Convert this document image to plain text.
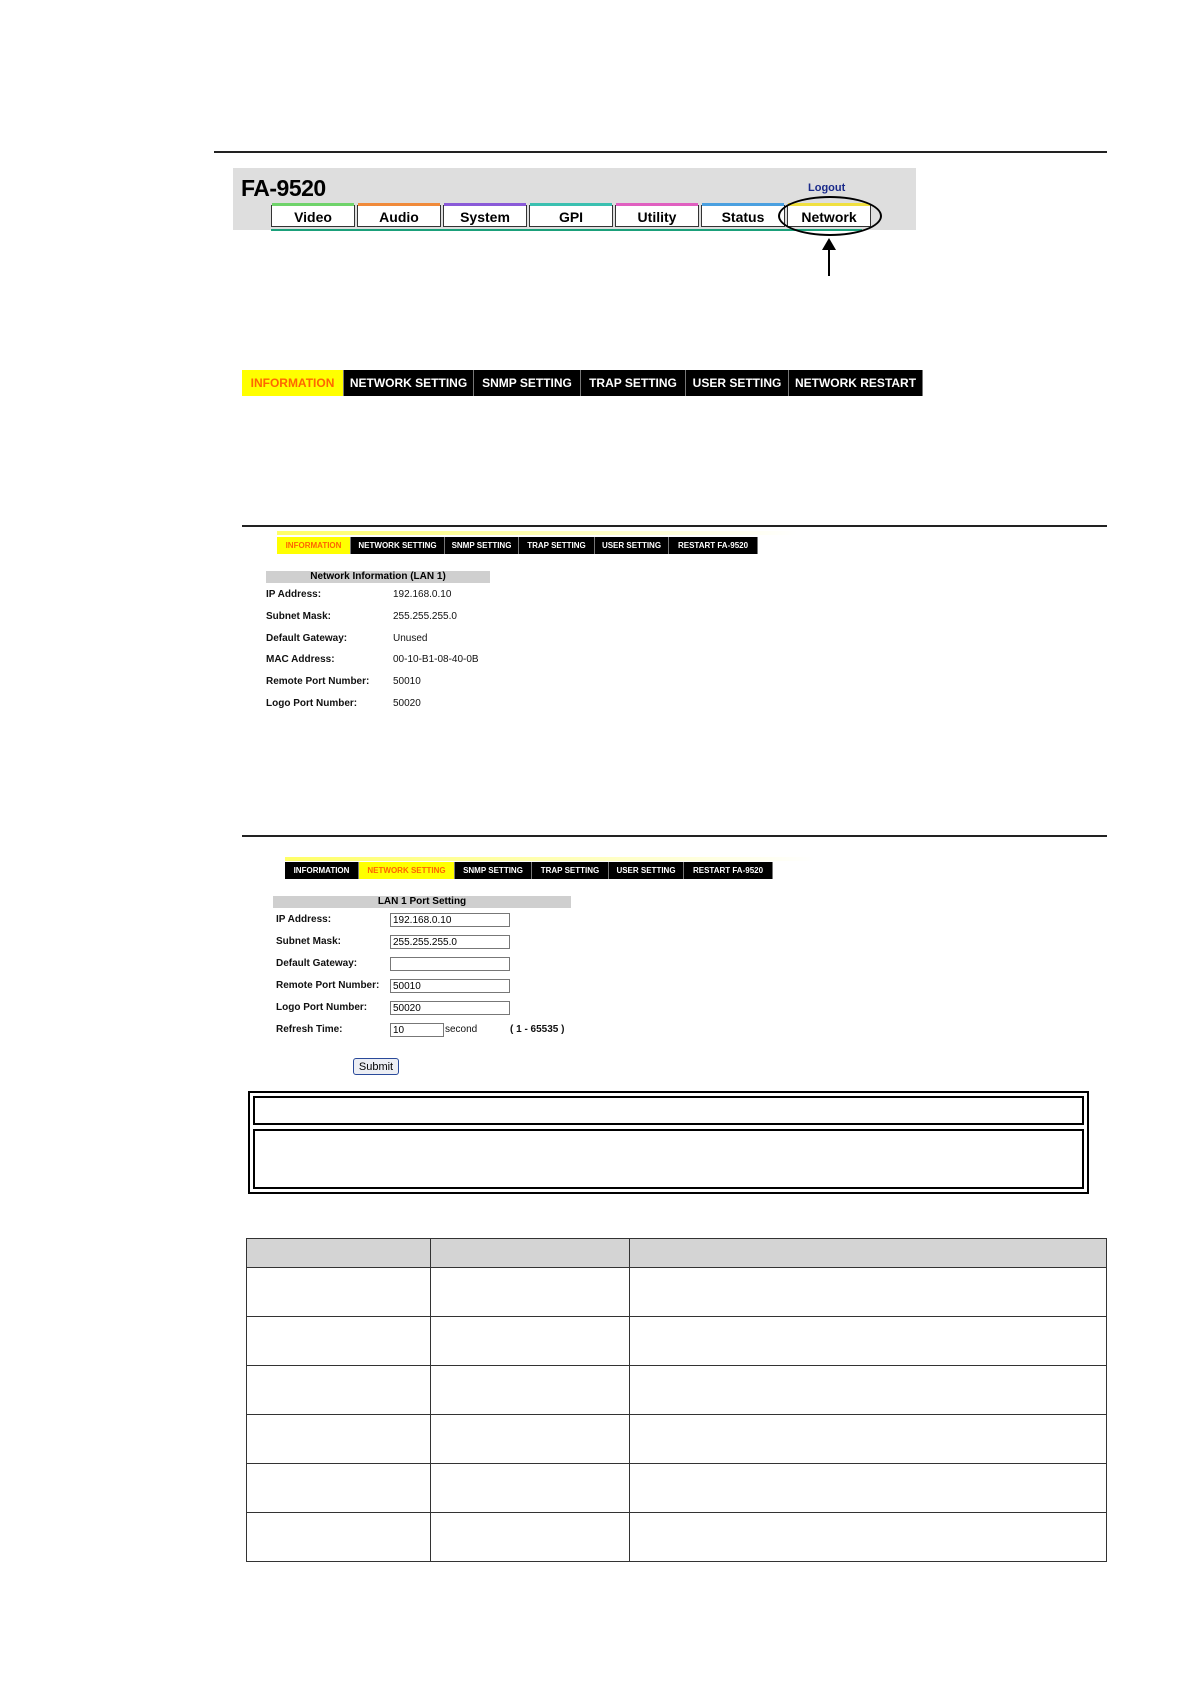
FA-9520	Logout
Video	Audio	System	GPI	Utility	Status	Network
INFORMATION	NETWORK SETTING	SNMP SETTING	TRAP SETTING	USER SETTING	NETWORK RESTART
INFORMATION	NETWORK SETTING	SNMP SETTING	TRAP SETTING	USER SETTING	RESTART FA-9520
Network Information (LAN 1)
IP Address:	192.168.0.10
Subnet Mask:	255.255.255.0
Default Gateway:	Unused
MAC Address:	00-10-B1-08-40-0B
Remote Port Number: 50010
Logo Port Number:	50020
INFORMATION	NETWORK SETTING	SNMP SETTING	TRAP SETTING	USER SETTING	RESTART FA-9520
LAN 1 Port Setting
IP Address:
192.168.0.10
Subnet Mask:
255.255.255.0
Default Gateway:
Remote Port Number:
50010
Logo Port Number:
50020
Refresh Time:
10	second	( 1 - 65535 )
Submit
